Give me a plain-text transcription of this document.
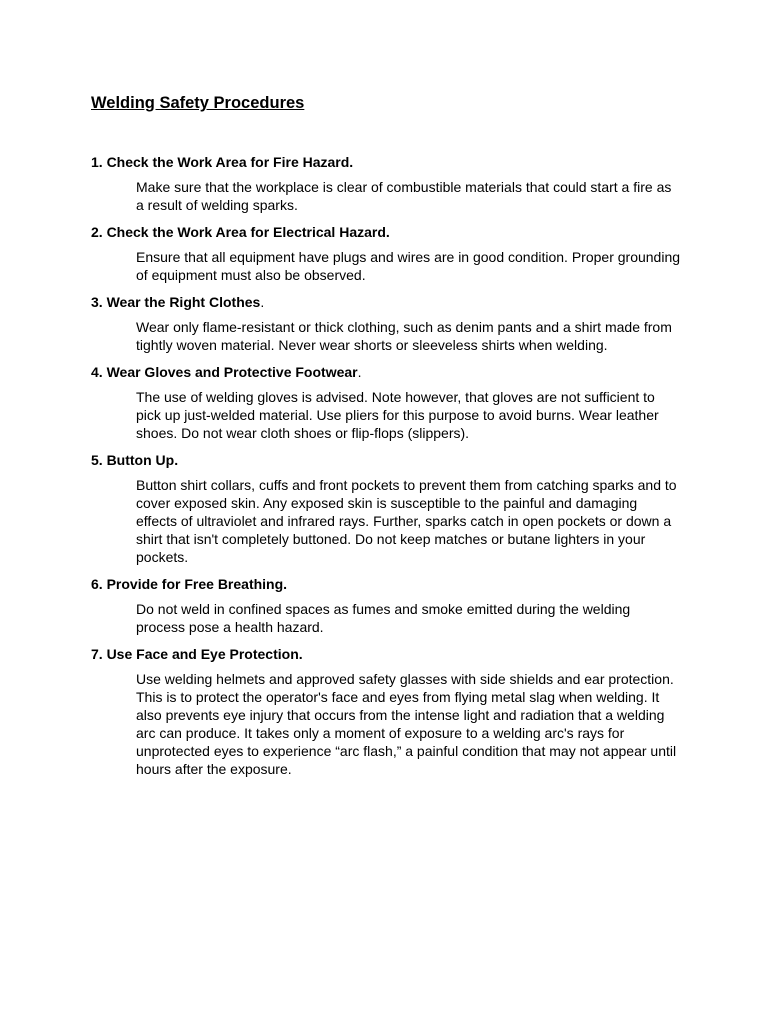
Welding Safety Procedures
1. Check the Work Area for Fire Hazard.
Make sure that the workplace is clear of combustible materials that could start a fire as a result of welding sparks.
2. Check the Work Area for Electrical Hazard.
Ensure that all equipment have plugs and wires are in good condition. Proper grounding of equipment must also be observed.
3. Wear the Right Clothes.
Wear only flame-resistant or thick clothing, such as denim pants and a shirt made from tightly woven material. Never wear shorts or sleeveless shirts when welding.
4. Wear Gloves and Protective Footwear.
The use of welding gloves is advised. Note however, that gloves are not sufficient to pick up just-welded material. Use pliers for this purpose to avoid burns. Wear leather shoes. Do not wear cloth shoes or flip-flops (slippers).
5. Button Up.
Button shirt collars, cuffs and front pockets to prevent them from catching sparks and to cover exposed skin. Any exposed skin is susceptible to the painful and damaging effects of ultraviolet and infrared rays. Further, sparks catch in open pockets or down a shirt that isn't completely buttoned. Do not keep matches or butane lighters in your pockets.
6. Provide for Free Breathing.
Do not weld in confined spaces as fumes and smoke emitted during the welding process pose a health hazard.
7. Use Face and Eye Protection.
Use welding helmets and approved safety glasses with side shields and ear protection. This is to protect the operator's face and eyes from flying metal slag when welding. It also prevents eye injury that occurs from the intense light and radiation that a welding arc can produce. It takes only a moment of exposure to a welding arc's rays for unprotected eyes to experience “arc flash,” a painful condition that may not appear until hours after the exposure.
